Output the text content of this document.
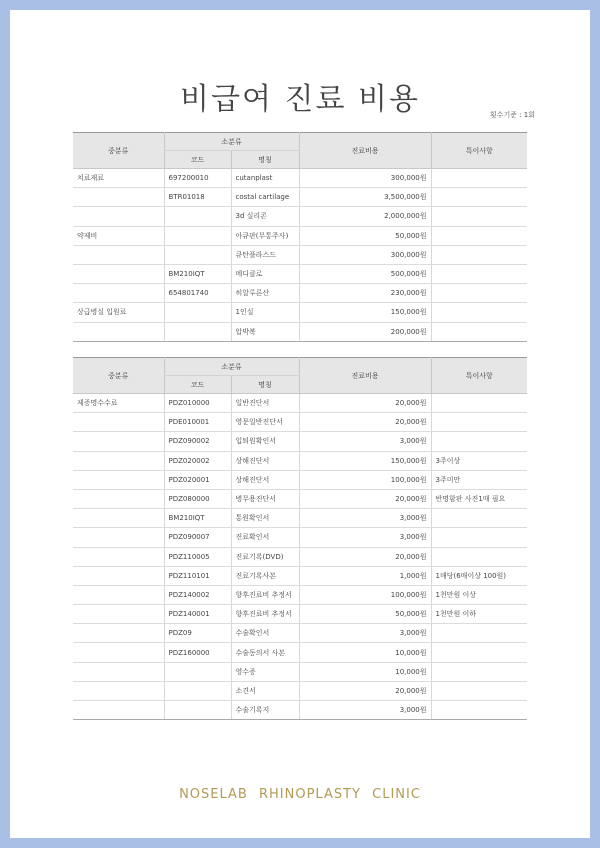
비급여 진료 비용	횟수기준 : 1회
중분류	소분류		진료비용	특이사항
	코드	명칭		
치료재료	697200010	cutanplast	300,000원	
	BTR01018	costal cartilage	3,500,000원	
		3d 실리콘	2,000,000원	
약제비		아큐판(무통주사)	50,000원	
		큐탄플라스드	300,000원	
	BM210IQT	메디클로	500,000원	
	654801740	히알루론산	230,000원	
상급병실 입원료		1인실	150,000원	
		압박복	200,000원	
중분류	소분류		진료비용	특이사항
	코드	명칭		
제증명수수료	PDZ010000	일반진단서	20,000원	
	PDE010001	영문일반진단서	20,000원	
	PDZ090002	입퇴원확인서	3,000원	
	PDZ020002	상해진단서	150,000원	3주이상
	PDZ020001	상해진단서	100,000원	3주미만
	PDZ080000	병무용진단서	20,000원	반명함판 사진1매 필요
	BM210IQT	통원확인서	3,000원	
	PDZ090007	진료확인서	3,000원	
	PDZ110005	진료기록(DVD)	20,000원	
	PDZ110101	진료기록사본	1,000원	1매당(6매이상 100원)
	PDZ140002	향후진료비 추정서	100,000원	1천만원 이상
	PDZ140001	향후진료비 추정서	50,000원	1천만원 이하
	PDZ09	수술확인서	3,000원	
	PDZ160000	수술동의서 사본	10,000원	
		영수증	10,000원	
		소견서	20,000원	
		수술기록지	3,000원	
NOSELAB RHINOPLASTY CLINIC
